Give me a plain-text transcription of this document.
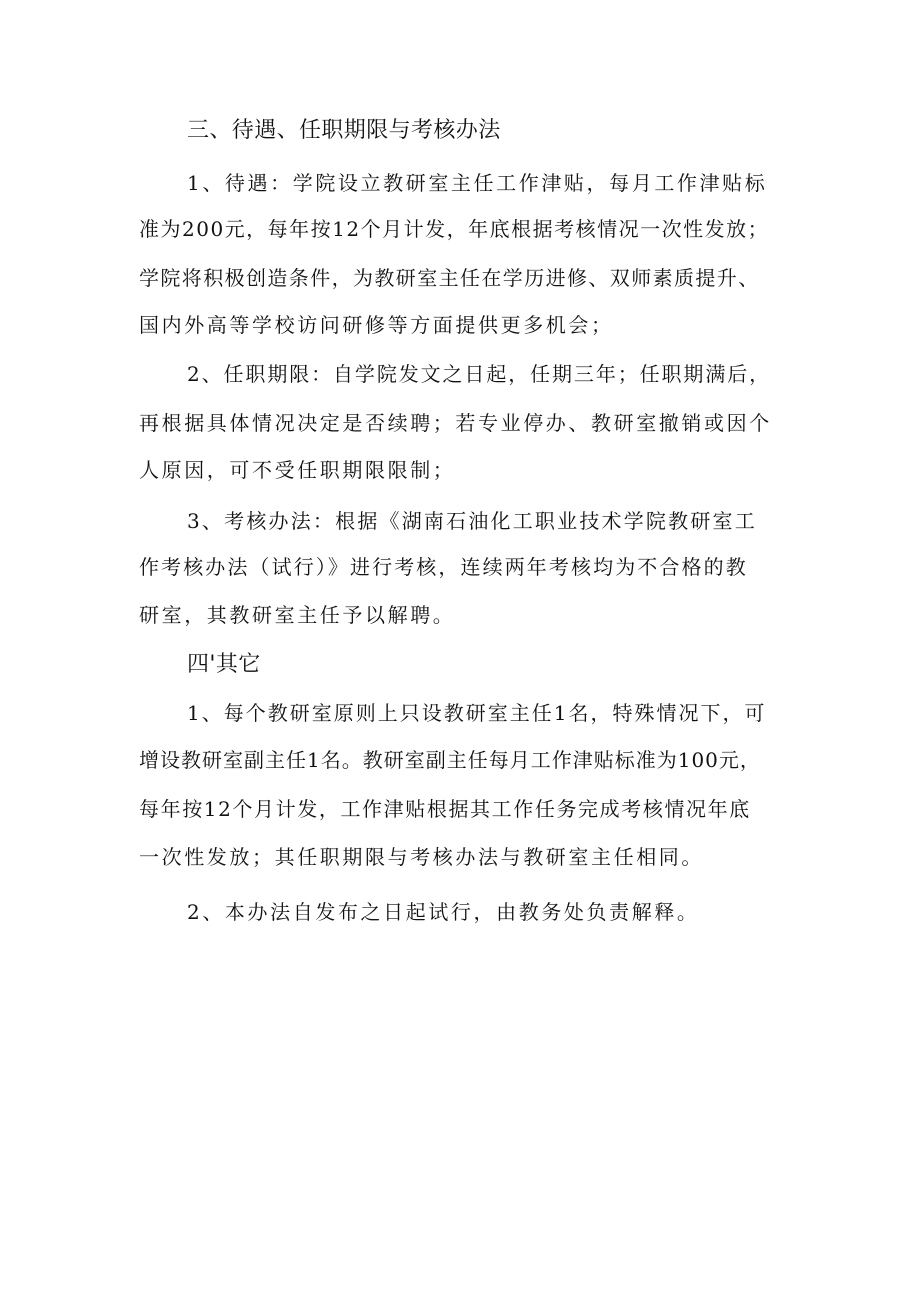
三、待遇、任职期限与考核办法

1、待遇：学院设立教研室主任工作津贴，每月工作津贴标

准为200元，每年按12个月计发，年底根据考核情况一次性发放；

学院将积极创造条件，为教研室主任在学历进修、双师素质提升、

国内外高等学校访问研修等方面提供更多机会；

2、任职期限：自学院发文之日起，任期三年；任职期满后，

再根据具体情况决定是否续聘；若专业停办、教研室撤销或因个

人原因，可不受任职期限限制；

3、考核办法：根据《湖南石油化工职业技术学院教研室工

作考核办法（试行）》进行考核，连续两年考核均为不合格的教

研室，其教研室主任予以解聘。

四'其它

1、每个教研室原则上只设教研室主任1名，特殊情况下，可

增设教研室副主任1名。教研室副主任每月工作津贴标准为100元，

每年按12个月计发，工作津贴根据其工作任务完成考核情况年底

一次性发放；其任职期限与考核办法与教研室主任相同。

2、本办法自发布之日起试行，由教务处负责解释。
